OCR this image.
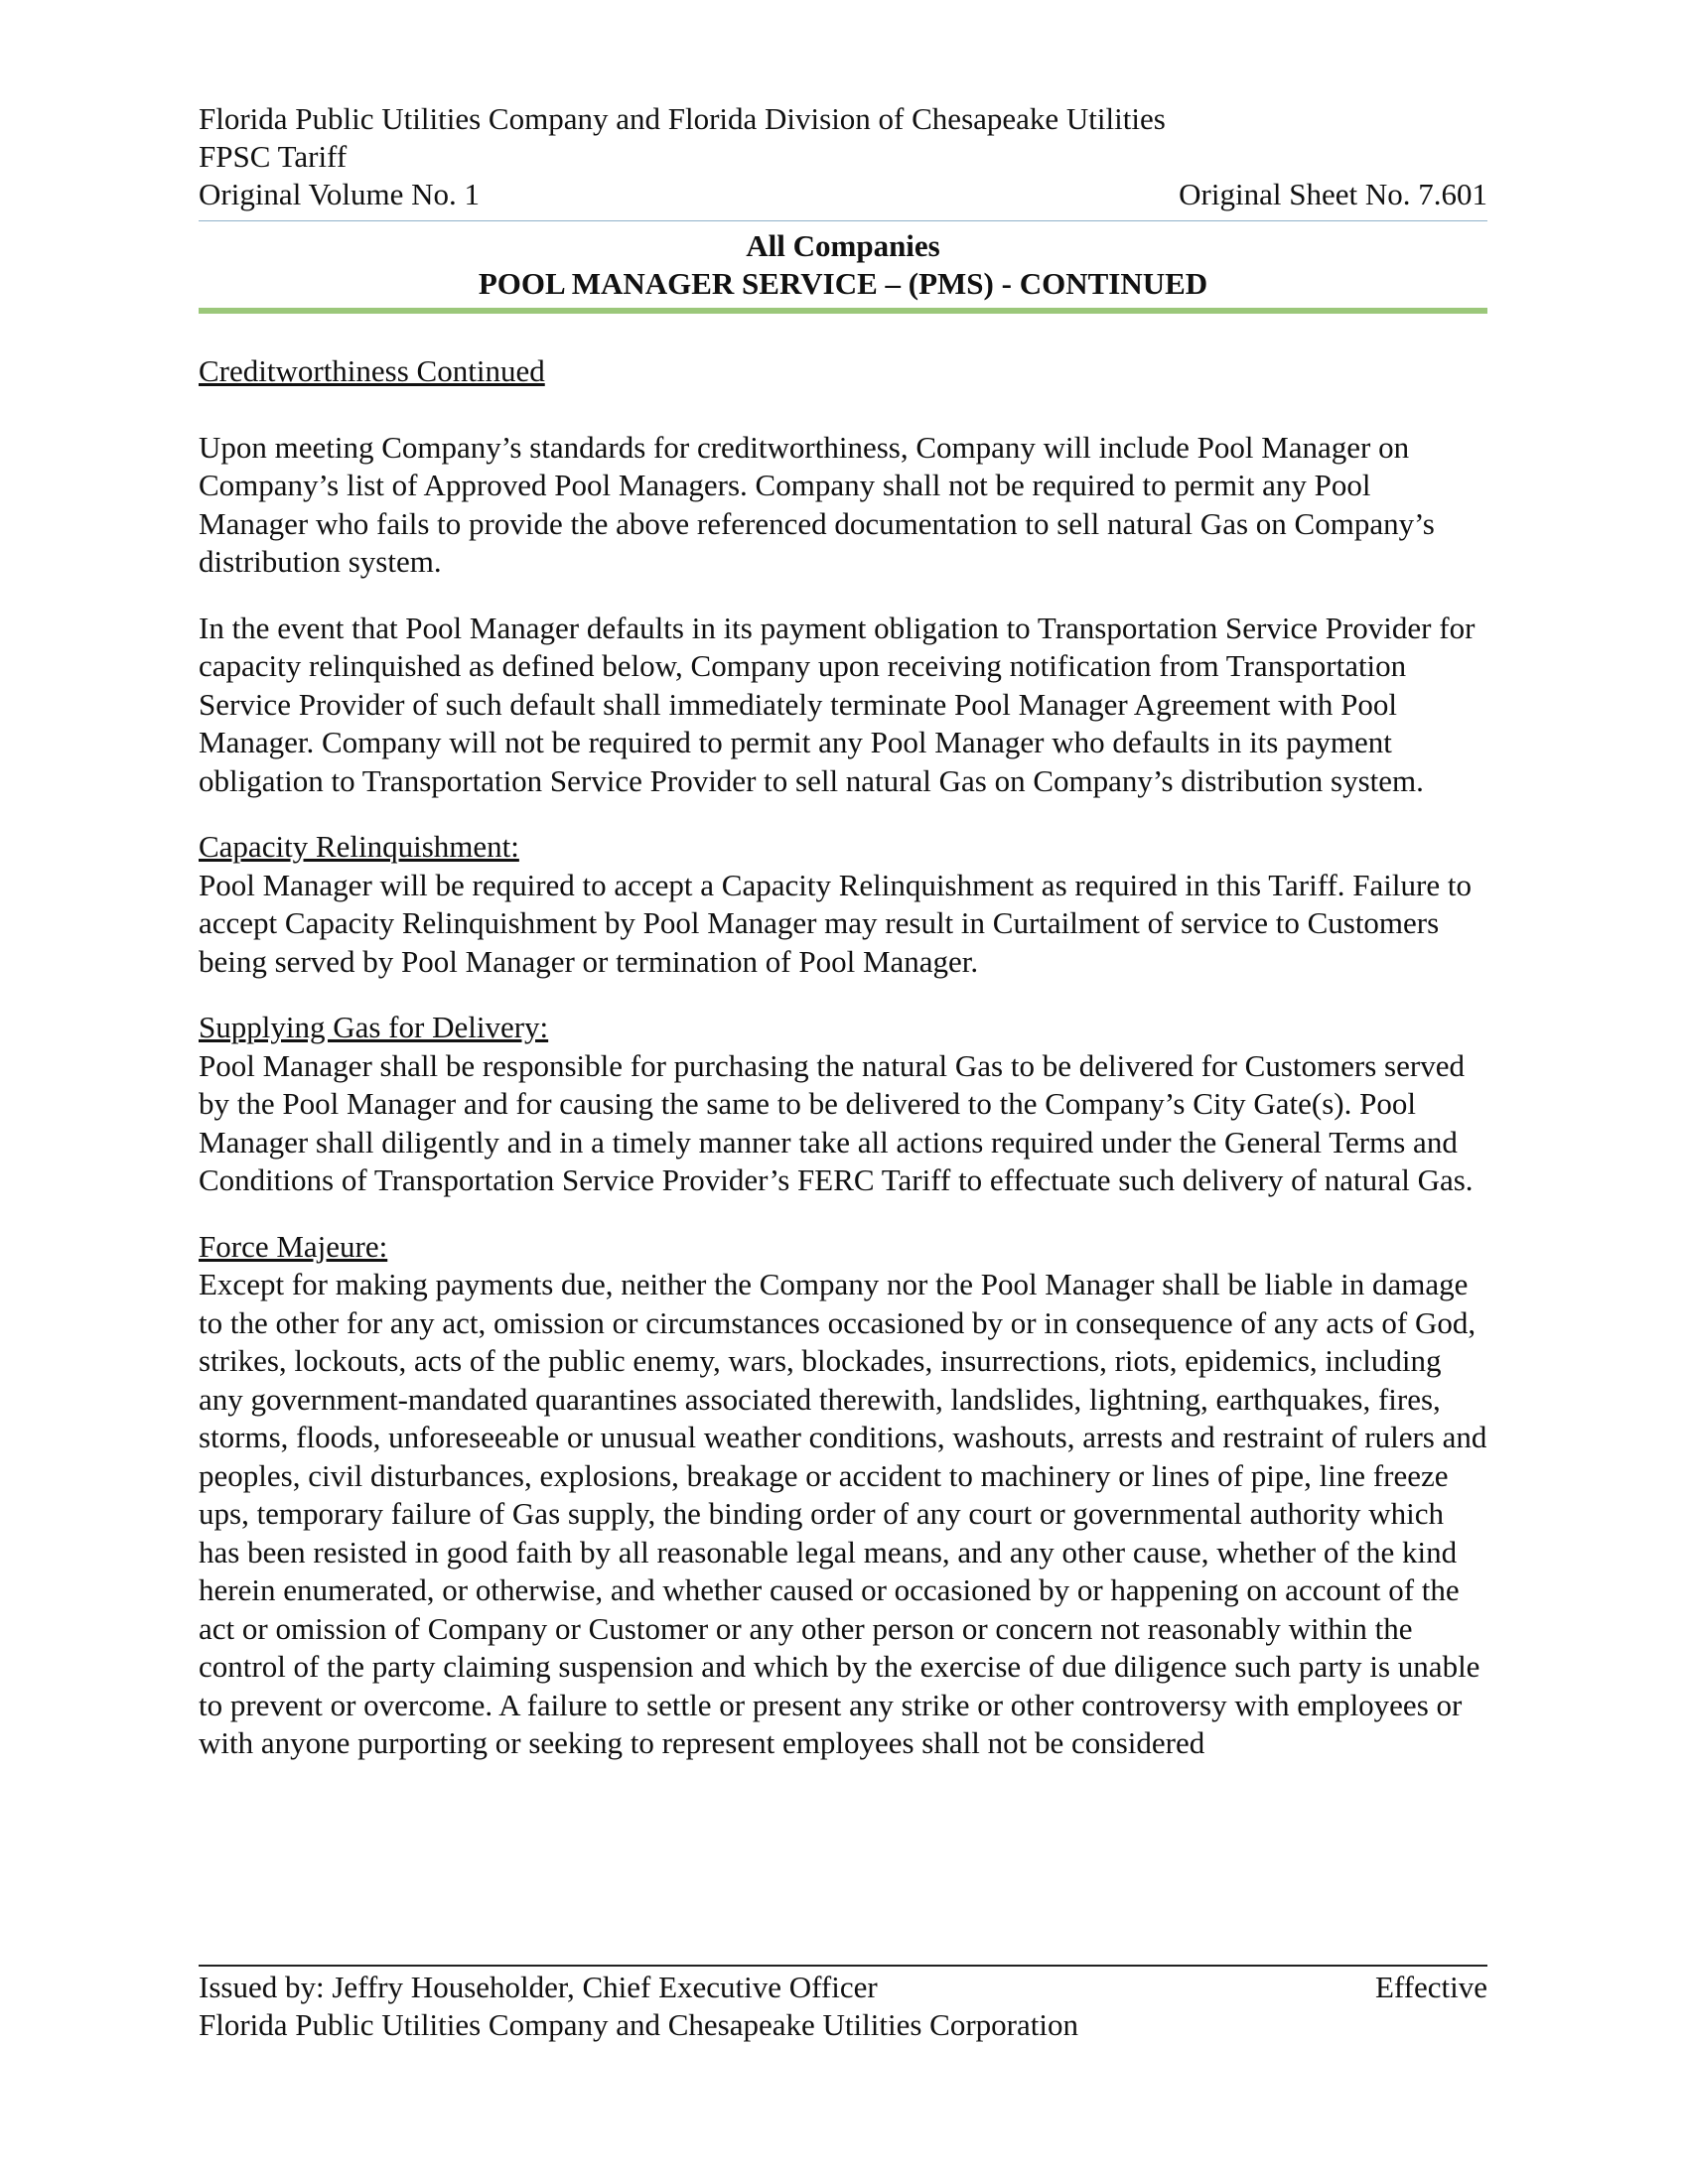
Florida Public Utilities Company and Florida Division of Chesapeake Utilities
FPSC Tariff
Original Volume No. 1	Original Sheet No. 7.601
All Companies
POOL MANAGER SERVICE – (PMS) - CONTINUED
Creditworthiness Continued

Upon meeting Company’s standards for creditworthiness, Company will include Pool Manager on Company’s list of Approved Pool Managers. Company shall not be required to permit any Pool Manager who fails to provide the above referenced documentation to sell natural Gas on Company’s distribution system.

In the event that Pool Manager defaults in its payment obligation to Transportation Service Provider for capacity relinquished as defined below, Company upon receiving notification from Transportation Service Provider of such default shall immediately terminate Pool Manager Agreement with Pool Manager. Company will not be required to permit any Pool Manager who defaults in its payment obligation to Transportation Service Provider to sell natural Gas on Company’s distribution system.

Capacity Relinquishment:

Pool Manager will be required to accept a Capacity Relinquishment as required in this Tariff. Failure to accept Capacity Relinquishment by Pool Manager may result in Curtailment of service to Customers being served by Pool Manager or termination of Pool Manager.

Supplying Gas for Delivery:

Pool Manager shall be responsible for purchasing the natural Gas to be delivered for Customers served by the Pool Manager and for causing the same to be delivered to the Company’s City Gate(s). Pool Manager shall diligently and in a timely manner take all actions required under the General Terms and Conditions of Transportation Service Provider’s FERC Tariff to effectuate such delivery of natural Gas.

Force Majeure:

Except for making payments due, neither the Company nor the Pool Manager shall be liable in damage to the other for any act, omission or circumstances occasioned by or in consequence of any acts of God, strikes, lockouts, acts of the public enemy, wars, blockades, insurrections, riots, epidemics, including any government-mandated quarantines associated therewith, landslides, lightning, earthquakes, fires, storms, floods, unforeseeable or unusual weather conditions, washouts, arrests and restraint of rulers and peoples, civil disturbances, explosions, breakage or accident to machinery or lines of pipe, line freeze ups, temporary failure of Gas supply, the binding order of any court or governmental authority which has been resisted in good faith by all reasonable legal means, and any other cause, whether of the kind herein enumerated, or otherwise, and whether caused or occasioned by or happening on account of the act or omission of Company or Customer or any other person or concern not reasonably within the control of the party claiming suspension and which by the exercise of due diligence such party is unable to prevent or overcome. A failure to settle or present any strike or other controversy with employees or with anyone purporting or seeking to represent employees shall not be considered

Issued by: Jeffry Householder, Chief Executive Officer	Effective
Florida Public Utilities Company and Chesapeake Utilities Corporation
